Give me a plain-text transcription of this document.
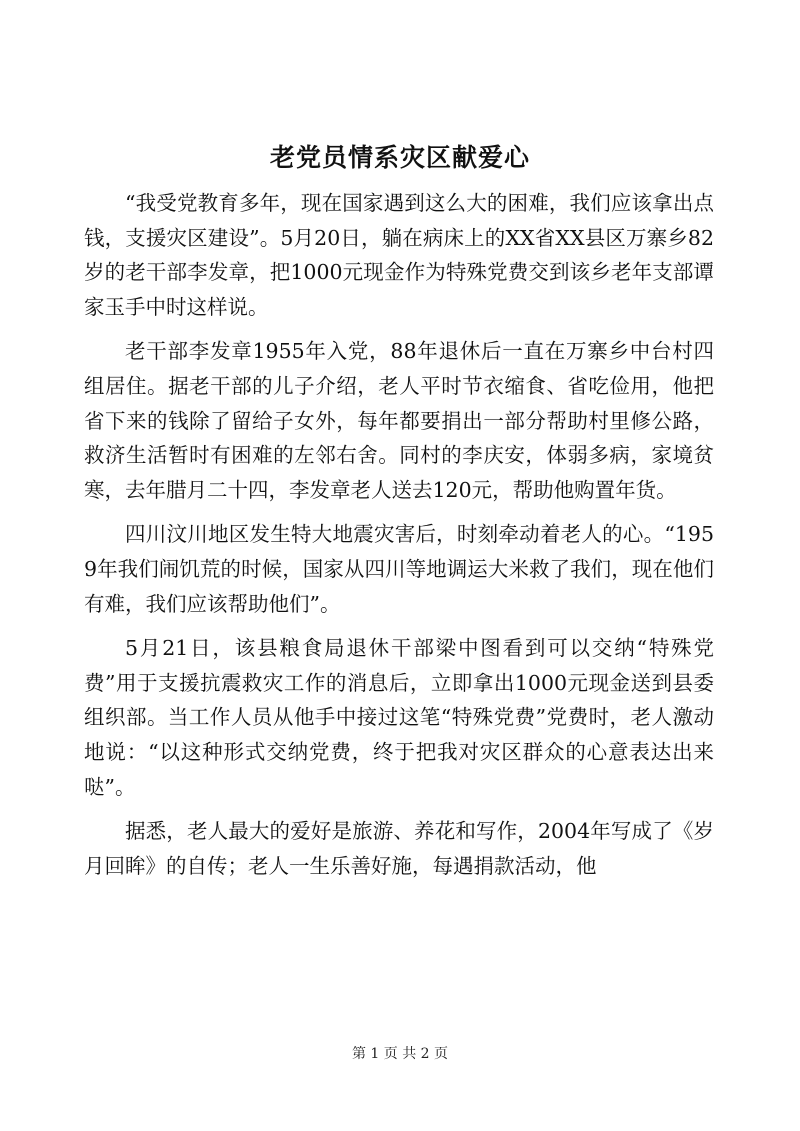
老党员情系灾区献爱心

“我受党教育多年，现在国家遇到这么大的困难，我们应该拿出点钱，支援灾区建设”。5月20日，躺在病床上的XX省XX县区万寨乡82岁的老干部李发章，把1000元现金作为特殊党费交到该乡老年支部谭家玉手中时这样说。

老干部李发章1955年入党，88年退休后一直在万寨乡中台村四组居住。据老干部的儿子介绍，老人平时节衣缩食、省吃俭用，他把省下来的钱除了留给子女外，每年都要捐出一部分帮助村里修公路，救济生活暂时有困难的左邻右舍。同村的李庆安，体弱多病，家境贫寒，去年腊月二十四，李发章老人送去120元，帮助他购置年货。

四川汶川地区发生特大地震灾害后，时刻牵动着老人的心。“1959年我们闹饥荒的时候，国家从四川等地调运大米救了我们，现在他们有难，我们应该帮助他们”。

5月21日，该县粮食局退休干部梁中图看到可以交纳“特殊党费”用于支援抗震救灾工作的消息后，立即拿出1000元现金送到县委组织部。当工作人员从他手中接过这笔“特殊党费”党费时，老人激动地说：“以这种形式交纳党费，终于把我对灾区群众的心意表达出来哒”。

据悉，老人最大的爱好是旅游、养花和写作，2004年写成了《岁月回眸》的自传；老人一生乐善好施，每遇捐款活动，他

第 1 页 共 2 页
